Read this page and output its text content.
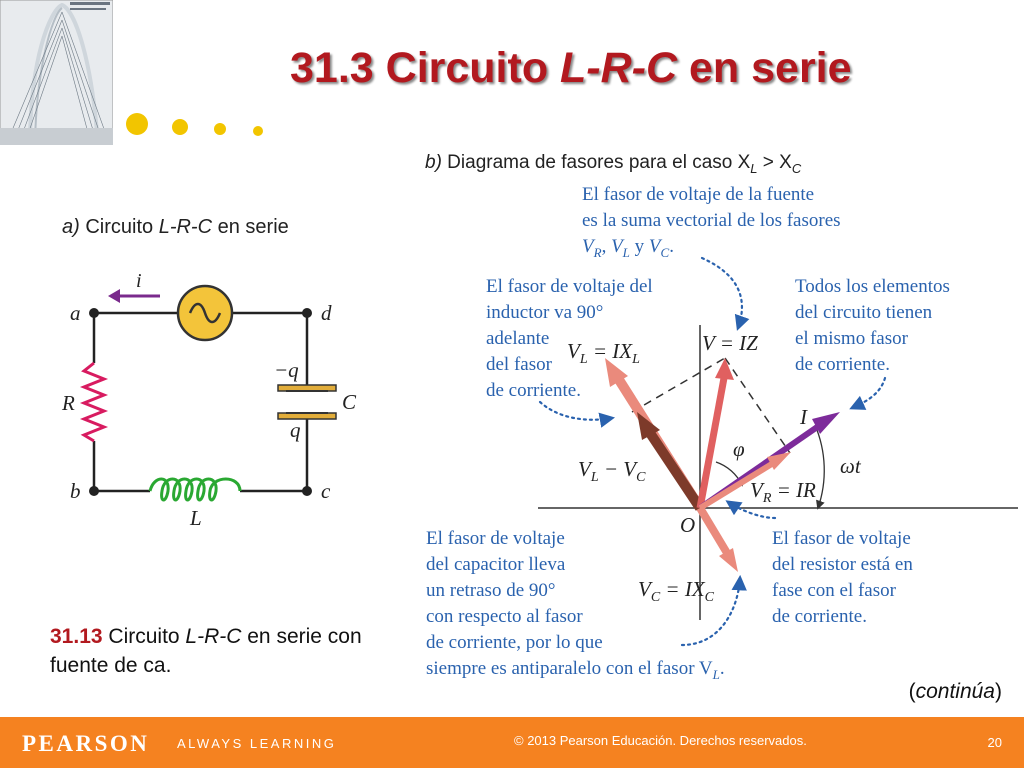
31.3 Circuito L-R-C en serie
a) Circuito L-R-C en serie
i
a	d
b	c
R
L
C
−q
q
b) Diagrama de fasores para el caso $X_L > X_C$
V = IZ
$V_L = IX_L$
$V_L - V_C$
$V_R$ = IR
$V_C = IX_C$
I
φ
ωt
O
El fasor de voltaje de la fuente
es la suma vectorial de los fasores
$V_R$, $V_L$ y $V_C$.
El fasor de voltaje del
inductor va 90°
adelante
del fasor
de corriente.
Todos los elementos
del circuito tienen
el mismo fasor
de corriente.
El fasor de voltaje
del capacitor lleva
un retraso de 90°
con respecto al fasor
de corriente, por lo que
siempre es antiparalelo con el fasor $V_L$.
El fasor de voltaje
del resistor está en
fase con el fasor
de corriente.
31.13 Circuito L-R-C en serie con fuente de ca.
(continúa)
PEARSON ALWAYS LEARNING	© 2013 Pearson Educación. Derechos reservados.	20
